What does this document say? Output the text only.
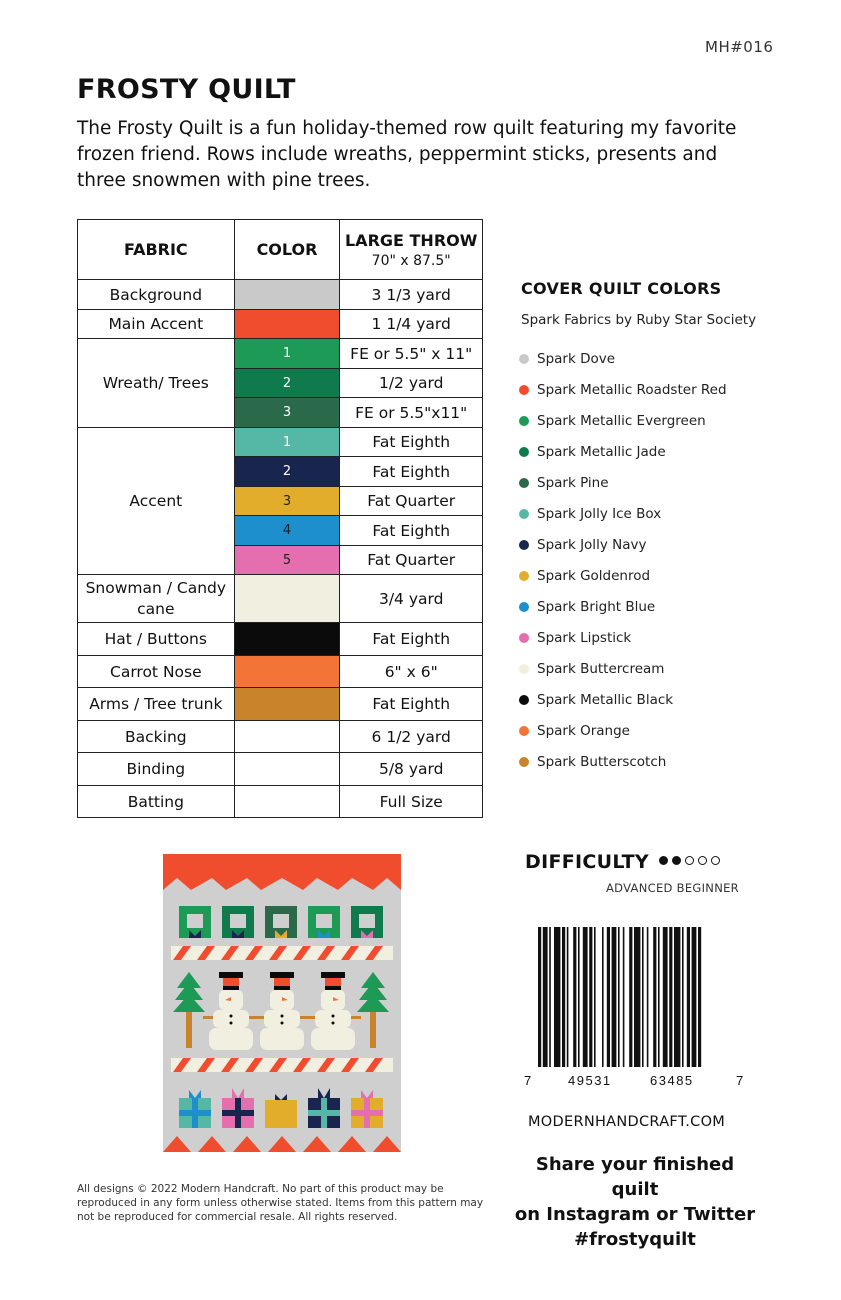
MH#016
FROSTY QUILT

The Frosty Quilt is a fun holiday-themed row quilt featuring my favorite frozen friend. Rows include wreaths, peppermint sticks, presents and three snowmen with pine trees.

FABRIC	COLOR	LARGE THROW
70" x 87.5"

Background		3 1/3 yard
Main Accent		1 1/4 yard
Wreath/ Trees	1	FE or 5.5" x 11"
	2	1/2 yard
	3	FE or 5.5"x11"
Accent	1	Fat Eighth
	2	Fat Eighth
	3	Fat Quarter
	4	Fat Eighth
	5	Fat Quarter
Snowman / Candy cane		3/4 yard
Hat / Buttons		Fat Eighth
Carrot Nose		6" x 6"
Arms / Tree trunk		Fat Eighth
Backing		6 1/2 yard
Binding		5/8 yard
Batting		Full Size
COVER QUILT COLORS
Spark Fabrics by Ruby Star Society
Spark Dove
Spark Metallic Roadster Red
Spark Metallic Evergreen
Spark Metallic Jade
Spark Pine
Spark Jolly Ice Box
Spark Jolly Navy
Spark Goldenrod
Spark Bright Blue
Spark Lipstick
Spark Buttercream
Spark Metallic Black
Spark Orange
Spark Butterscotch
DIFFICULTY
ADVANCED BEGINNER
7	49531	63485	7
MODERNHANDCRAFT.COM

Share your finished quilt
on Instagram or Twitter
#frostyquilt

All designs © 2022 Modern Handcraft. No part of this product may be reproduced in any form unless otherwise stated. Items from this pattern may not be reproduced for commercial resale. All rights reserved.
